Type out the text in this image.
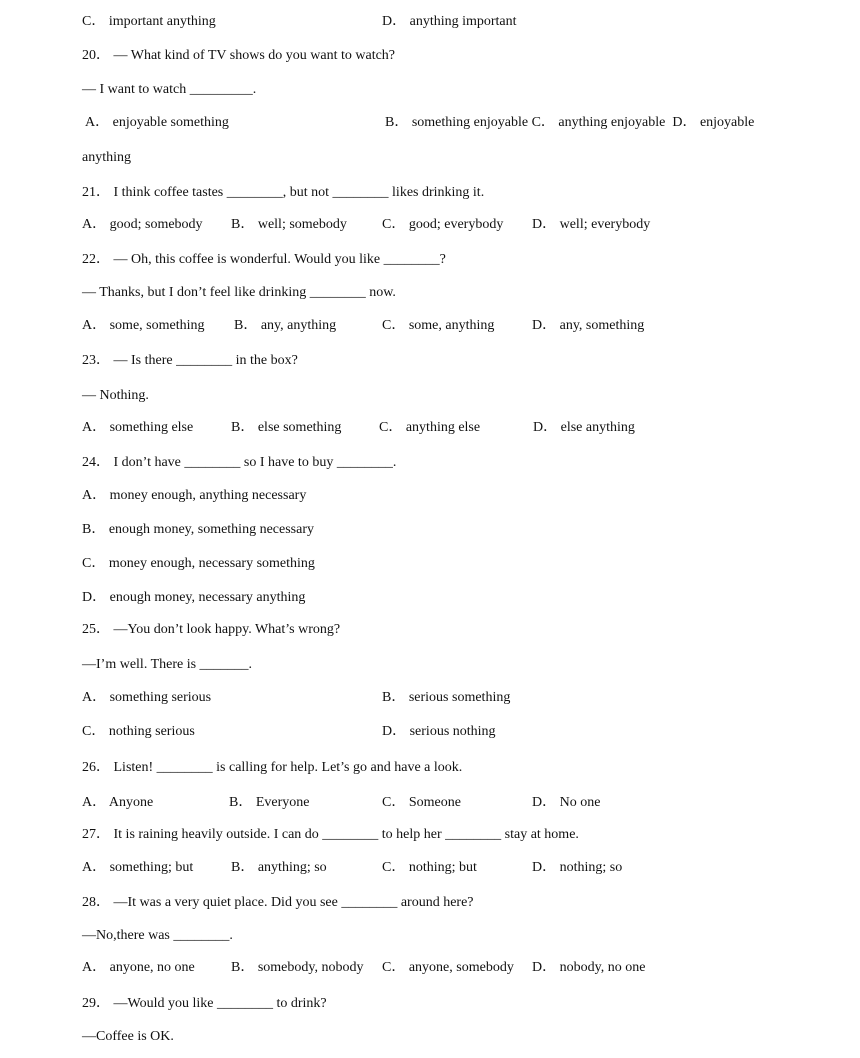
C． important anything	D． anything important
20． — What kind of TV shows do you want to watch?
— I want to watch _________.
A． enjoyable something	B． something enjoyable C． anything enjoyable  D． enjoyable
anything
21． I think coffee tastes ________, but not ________ likes drinking it.
A． good; somebody B． well; somebody	C． good; everybody D． well; everybody
22． — Oh, this coffee is wonderful. Would you like ________?
— Thanks, but I don’t feel like drinking ________ now.
A． some, something B． any, anything	C． some, anything	D． any, something
23． — Is there ________ in the box?
— Nothing.
A． something else	B． else something	C． anything else	D． else anything
24． I don’t have ________ so I have to buy ________.
A． money enough, anything necessary
B． enough money, something necessary
C． money enough, necessary something
D． enough money, necessary anything
25． —You don’t look happy. What’s wrong?
—I’m well. There is _______.
A． something serious	B． serious something
C． nothing serious	D． serious nothing
26． Listen! ________ is calling for help. Let’s go and have a look.
A． Anyone	B． Everyone	C． Someone	D． No one
27． It is raining heavily outside. I can do ________ to help her ________ stay at home.
A． something; but	B． anything; so	C． nothing; but	D． nothing; so
28． —It was a very quiet place. Did you see ________ around here?
—No,there was ________.
A． anyone, no one	B． somebody, nobody C． anyone, somebody D． nobody, no one
29． —Would you like ________ to drink?
—Coffee is OK.
